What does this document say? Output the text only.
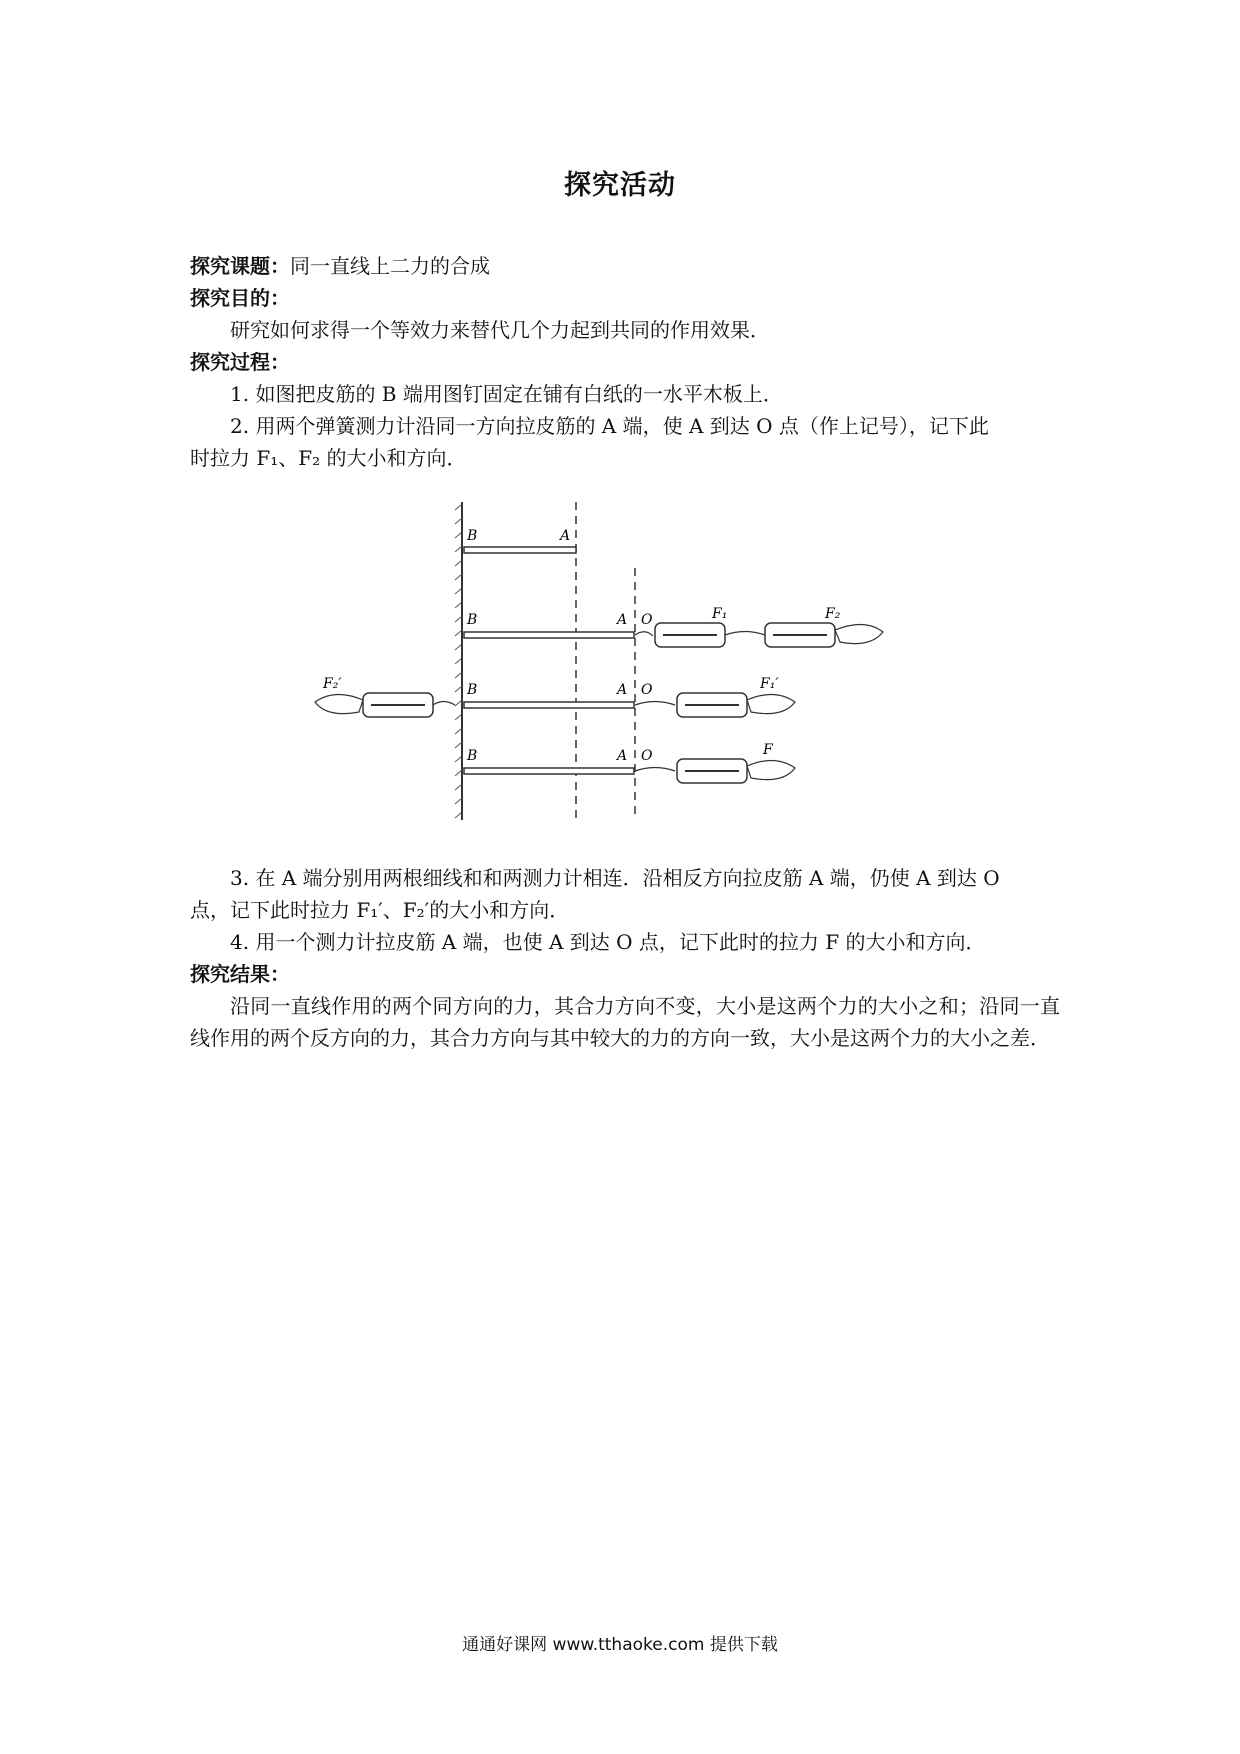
探究活动
探究课题：同一直线上二力的合成
探究目的：
研究如何求得一个等效力来替代几个力起到共同的作用效果．
探究过程：
1. 如图把皮筋的 B 端用图钉固定在铺有白纸的一水平木板上．
2. 用两个弹簧测力计沿同一方向拉皮筋的 A 端，使 A 到达 O 点（作上记号），记下此
时拉力 F₁、F₂ 的大小和方向．
B	A
B	A O	F₁	F₂
B	A O	F₁′
F₂′
B	A O	F
3. 在 A 端分别用两根细线和和两测力计相连．沿相反方向拉皮筋 A 端，仍使 A 到达 O
点，记下此时拉力 F₁′、F₂′的大小和方向．
4. 用一个测力计拉皮筋 A 端，也使 A 到达 O 点，记下此时的拉力 F 的大小和方向．
探究结果：
沿同一直线作用的两个同方向的力，其合力方向不变，大小是这两个力的大小之和；沿同一直线作用的两个反方向的力，其合力方向与其中较大的力的方向一致，大小是这两个力的大小之差．
通通好课网 www.tthaoke.com 提供下载
